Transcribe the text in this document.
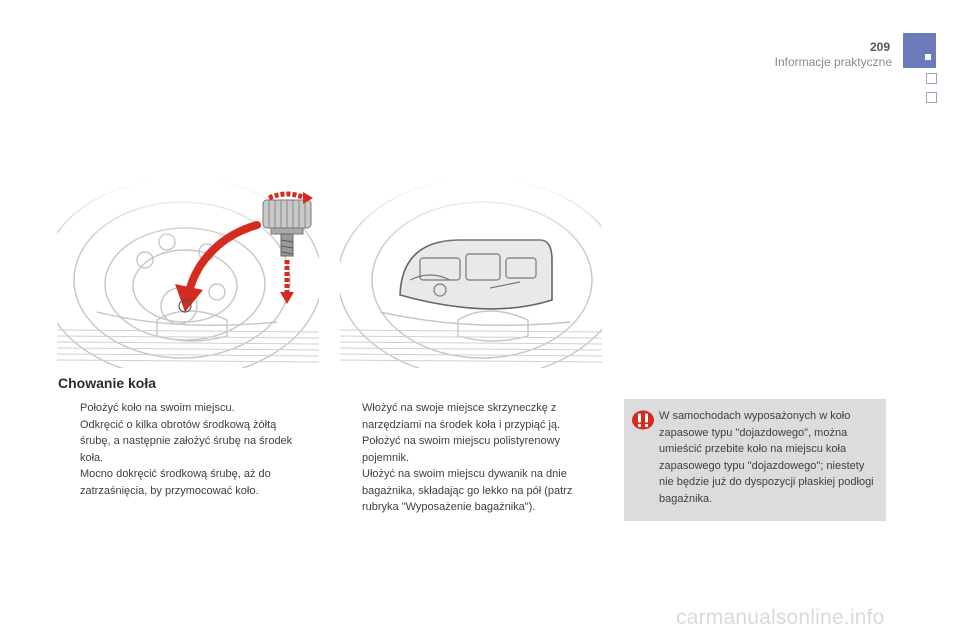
209
Informacje praktyczne
Chowanie koła
Położyć koło na swoim miejscu.
Odkręcić o kilka obrotów środkową żółtą śrubę, a następnie założyć śrubę na środek koła.
Mocno dokręcić środkową śrubę, aż do zatrzaśnięcia, by przymocować koło.
Włożyć na swoje miejsce skrzyneczkę z narzędziami na środek koła i przypiąć ją.
Położyć na swoim miejscu polistyrenowy pojemnik.
Ułożyć na swoim miejscu dywanik na dnie bagażnika, składając go lekko na pół (patrz rubryka "Wyposażenie bagażnika").
W samochodach wyposażonych w koło zapasowe typu "dojazdowego", można umieścić przebite koło na miejscu koła zapasowego typu "dojazdowego"; niestety nie będzie już do dyspozycji płaskiej podłogi bagażnika.
carmanualsonline.info
